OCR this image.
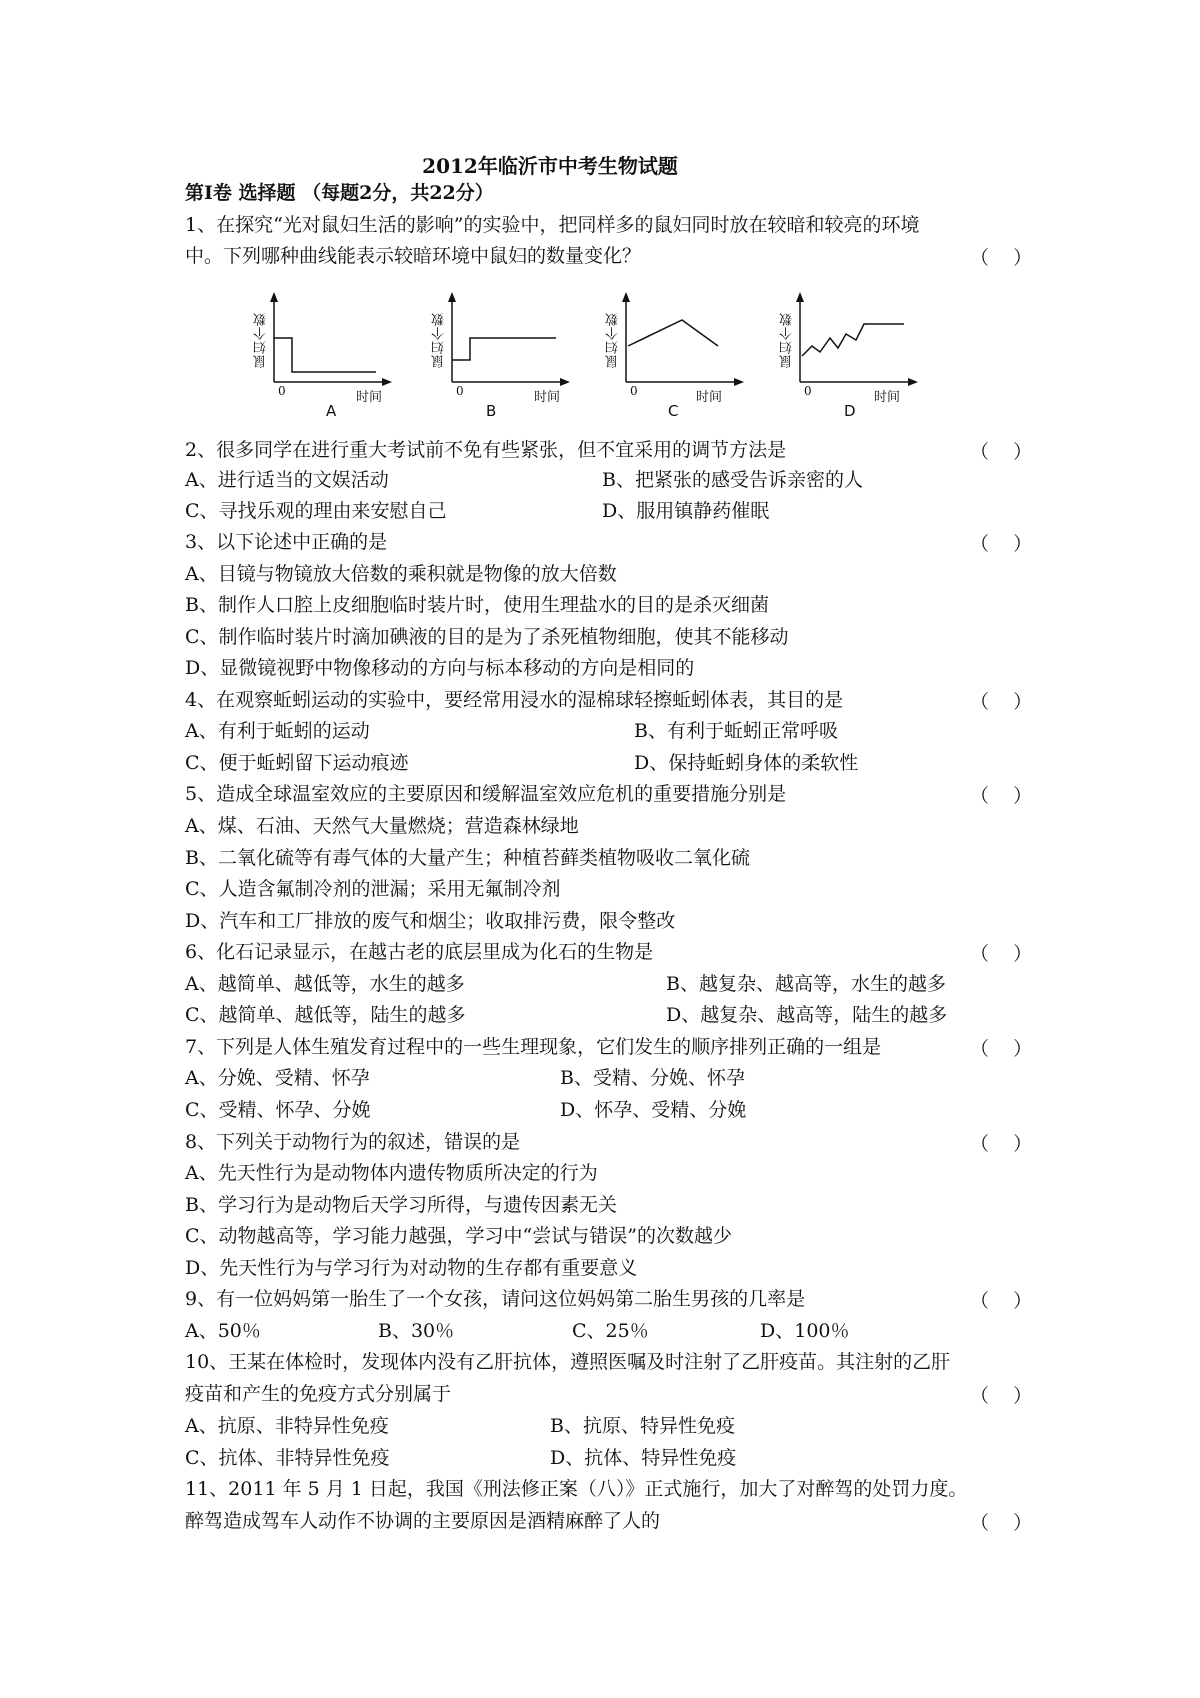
2012年临沂市中考生物试题
第Ⅰ卷 选择题 （每题2分，共22分）
1、在探究“光对鼠妇生活的影响”的实验中，把同样多的鼠妇同时放在较暗和较亮的环境
中。下列哪种曲线能表示较暗环境中鼠妇的数量变化？	（    ）
鼠妇个数
0	时间
A
鼠妇个数
0	时间
B
鼠妇个数
0	时间
C
鼠妇个数
0	时间
D
2、很多同学在进行重大考试前不免有些紧张，但不宜采用的调节方法是	（    ）
A、进行适当的文娱活动	B、把紧张的感受告诉亲密的人
C、寻找乐观的理由来安慰自己	D、服用镇静药催眠
3、以下论述中正确的是	（    ）
A、目镜与物镜放大倍数的乘积就是物像的放大倍数
B、制作人口腔上皮细胞临时装片时，使用生理盐水的目的是杀灭细菌
C、制作临时装片时滴加碘液的目的是为了杀死植物细胞，使其不能移动
D、显微镜视野中物像移动的方向与标本移动的方向是相同的
4、在观察蚯蚓运动的实验中，要经常用浸水的湿棉球轻擦蚯蚓体表，其目的是	（    ）
A、有利于蚯蚓的运动	B、有利于蚯蚓正常呼吸
C、便于蚯蚓留下运动痕迹	D、保持蚯蚓身体的柔软性
5、造成全球温室效应的主要原因和缓解温室效应危机的重要措施分别是	（    ）
A、煤、石油、天然气大量燃烧；营造森林绿地
B、二氧化硫等有毒气体的大量产生；种植苔藓类植物吸收二氧化硫
C、人造含氟制冷剂的泄漏；采用无氟制冷剂
D、汽车和工厂排放的废气和烟尘；收取排污费，限令整改
6、化石记录显示，在越古老的底层里成为化石的生物是	（    ）
A、越简单、越低等，水生的越多	B、越复杂、越高等，水生的越多
C、越简单、越低等，陆生的越多	D、越复杂、越高等，陆生的越多
7、下列是人体生殖发育过程中的一些生理现象，它们发生的顺序排列正确的一组是	（    ）
A、分娩、受精、怀孕	B、受精、分娩、怀孕
C、受精、怀孕、分娩	D、怀孕、受精、分娩
8、下列关于动物行为的叙述，错误的是	（    ）
A、先天性行为是动物体内遗传物质所决定的行为
B、学习行为是动物后天学习所得，与遗传因素无关
C、动物越高等，学习能力越强，学习中“尝试与错误”的次数越少
D、先天性行为与学习行为对动物的生存都有重要意义
9、有一位妈妈第一胎生了一个女孩，请问这位妈妈第二胎生男孩的几率是	（    ）
A、50％	B、30％	C、25％	D、100％
10、王某在体检时，发现体内没有乙肝抗体，遵照医嘱及时注射了乙肝疫苗。其注射的乙肝
疫苗和产生的免疫方式分别属于	（    ）
A、抗原、非特异性免疫	B、抗原、特异性免疫
C、抗体、非特异性免疫	D、抗体、特异性免疫
11、2011 年 5 月 1 日起，我国《刑法修正案（八）》正式施行，加大了对醉驾的处罚力度。
醉驾造成驾车人动作不协调的主要原因是酒精麻醉了人的	（    ）
